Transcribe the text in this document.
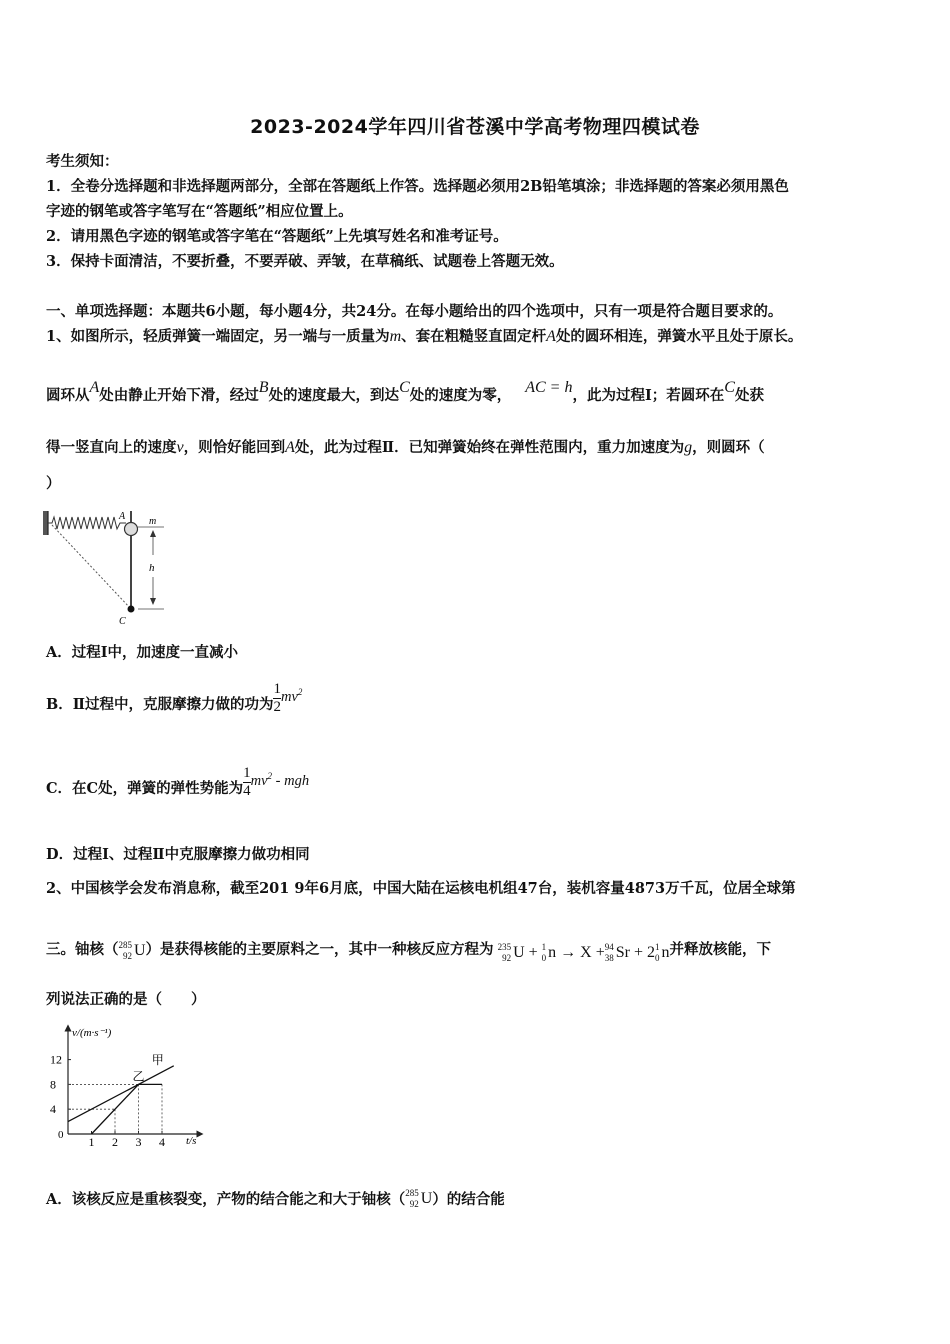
2023-2024学年四川省苍溪中学高考物理四模试卷
考生须知：
1．全卷分选择题和非选择题两部分，全部在答题纸上作答。选择题必须用2B铅笔填涂；非选择题的答案必须用黑色
字迹的钢笔或答字笔写在“答题纸”相应位置上。
2．请用黑色字迹的钢笔或答字笔在“答题纸”上先填写姓名和准考证号。
3．保持卡面清洁，不要折叠，不要弄破、弄皱，在草稿纸、试题卷上答题无效。
一、单项选择题：本题共6小题，每小题4分，共24分。在每小题给出的四个选项中，只有一项是符合题目要求的。
1、如图所示，轻质弹簧一端固定，另一端与一质量为m、套在粗糙竖直固定杆A处的圆环相连，弹簧水平且处于原长。
圆环从A处由静止开始下滑，经过B处的速度最大，到达C处的速度为零， AC = h，此为过程Ⅰ；若圆环在C处获
得一竖直向上的速度v，则恰好能回到A处，此为过程Ⅱ．已知弹簧始终在弹性范围内，重力加速度为g，则圆环（
）
A m
h
C
A．过程Ⅰ中，加速度一直减小
B．Ⅱ过程中，克服摩擦力做的功为 $\frac{1}{2} mv^2$
C．在C处，弹簧的弹性势能为 $\frac{1}{4} mv^2$ - mgh
D．过程Ⅰ、过程Ⅱ中克服摩擦力做功相同
2、中国核学会发布消息称，截至201 9年6月底，中国大陆在运核电机组47台，装机容量4873万千瓦，位居全球第
三。铀核（ 285
92 U ）是获得核能的主要原料之一，其中一种核反应方程为 235
92 U
+
1
0 n
→
X + 94
38 Sr
+ 2 1
0 n 并释放核能，下
列说法正确的是（　　）
v/(m·s⁻¹)
t/s
0
12
8
4
1 2 3 4
甲
乙
A．该核反应是重核裂变，产物的结合能之和大于铀核（ 285
92 U ）的结合能
